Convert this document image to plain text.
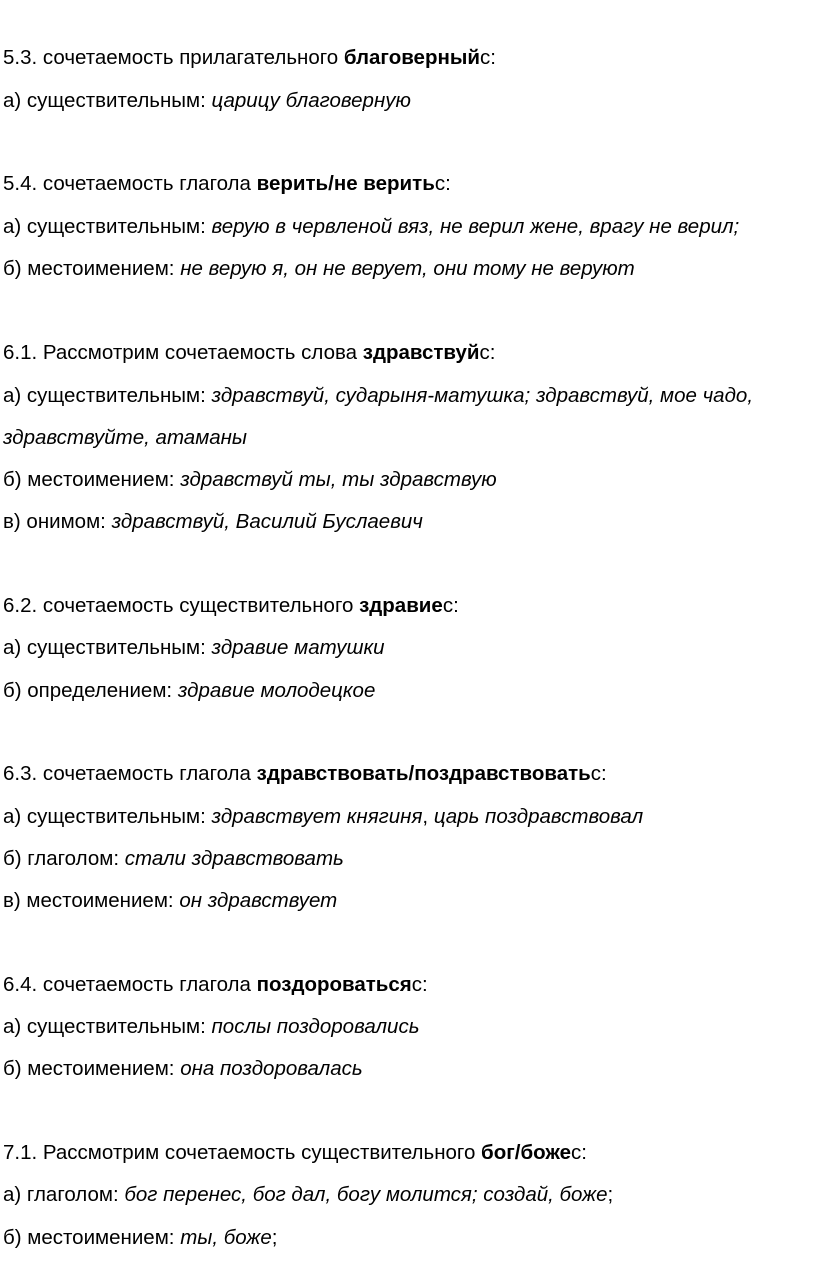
5.3. сочетаемость прилагательного благоверныйс:
а) существительным: царицу благоверную
5.4. сочетаемость глагола верить/не веритьс:
а) существительным: верую в червленой вяз, не верил жене, врагу не верил;
б) местоимением: не верую я, он не верует, они тому не веруют
6.1. Рассмотрим сочетаемость слова здравствуйс:
а) существительным: здравствуй, сударыня-матушка; здравствуй, мое чадо,
здравствуйте, атаманы
б) местоимением: здравствуй ты, ты здравствую
в) онимом: здравствуй, Василий Буслаевич
6.2. сочетаемость существительного здравиес:
а) существительным: здравие матушки
б) определением: здравие молодецкое
6.3. сочетаемость глагола здравствовать/поздравствоватьс:
а) существительным: здравствует княгиня, царь поздравствовал
б) глаголом: стали здравствовать
в) местоимением: он здравствует
6.4. сочетаемость глагола поздороватьсяс:
а) существительным: послы поздоровались
б) местоимением: она поздоровалась
7.1. Рассмотрим сочетаемость существительного бог/божес:
а) глаголом: бог перенес, бог дал, богу молится; создай, боже;
б) местоимением: ты, боже;
